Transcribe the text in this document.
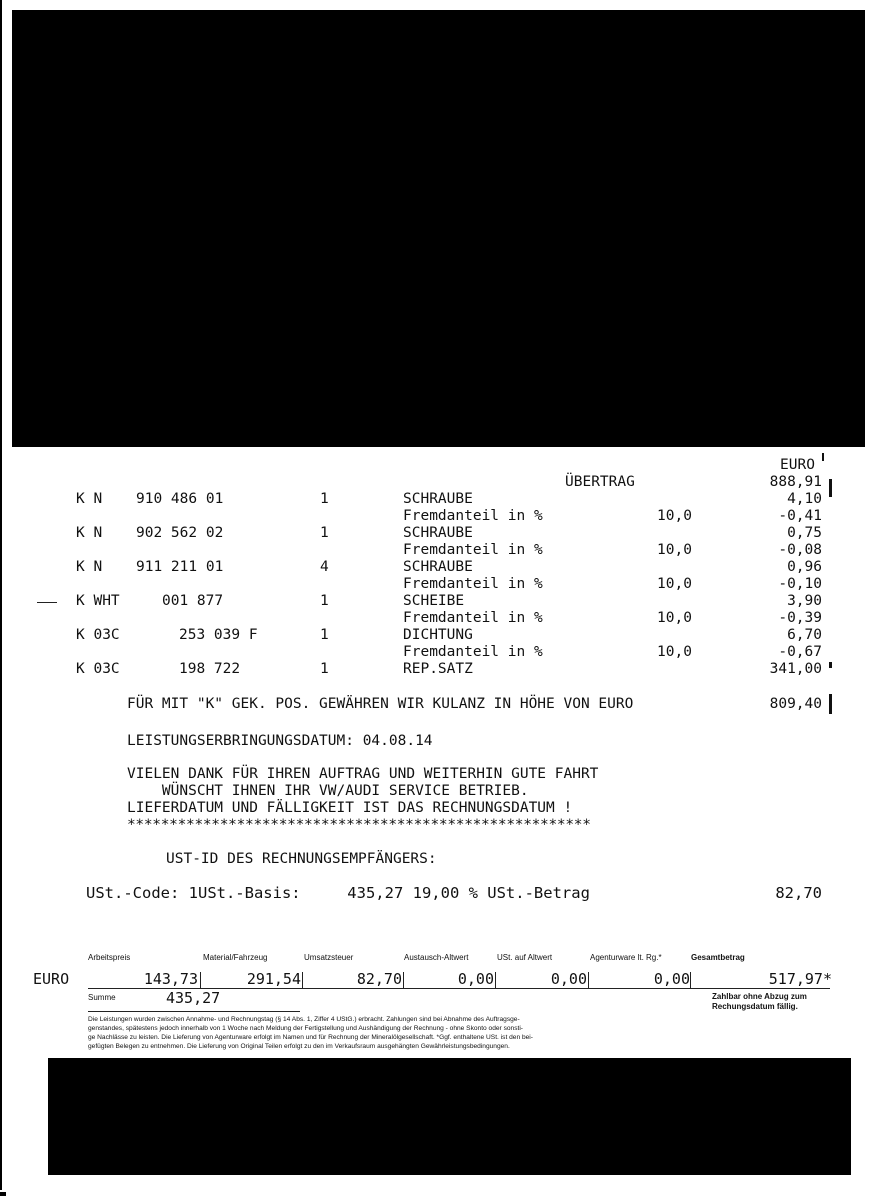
EURO
ÜBERTRAG	888,91
K N 910 486 01	1	SCHRAUBE	4,10
Fremdanteil in %	10,0	-0,41
K N 902 562 02	1	SCHRAUBE	0,75
Fremdanteil in %	10,0	-0,08
K N 911 211 01	4	SCHRAUBE	0,96
Fremdanteil in %	10,0	-0,10
K WHT	001 877	1	SCHEIBE	3,90
Fremdanteil in %	10,0	-0,39
K 03C	253 039 F	1	DICHTUNG	6,70
Fremdanteil in %	10,0	-0,67
K 03C	198 722	1	REP.SATZ	341,00
FÜR MIT "K" GEK. POS. GEWÄHREN WIR KULANZ IN HÖHE VON EURO	809,40
LEISTUNGSERBRINGUNGSDATUM: 04.08.14
VIELEN DANK FÜR IHREN AUFTRAG UND WEITERHIN GUTE FAHRT
WÜNSCHT IHNEN IHR VW/AUDI SERVICE BETRIEB.
LIEFERDATUM UND FÄLLIGKEIT IST DAS RECHNUNGSDATUM !
*******************************************************
UST-ID DES RECHNUNGSEMPFÄNGERS:
USt.-Code: 1USt.-Basis:     435,27 19,00 % USt.-Betrag	82,70
Arbeitspreis	Material/Fahrzeug	Umsatzsteuer	Austausch-Altwert	USt. auf Altwert	Agenturware lt. Rg.*	Gesamtbetrag
EURO	143,73	291,54	82,70	0,00	0,00	0,00	517,97*
Summe	435,27	Zahlbar ohne Abzug zum
Rechungsdatum fällig.
Die Leistungen wurden zwischen Annahme- und Rechnungstag (§ 14 Abs. 1, Ziffer 4 UStG.) erbracht. Zahlungen sind bei Abnahme des Auftragsge-
genstandes, spätestens jedoch innerhalb von 1 Woche nach Meldung der Fertigstellung und Aushändigung der Rechnung - ohne Skonto oder sonsti-
ge Nachlässe zu leisten. Die Lieferung von Agenturware erfolgt im Namen und für Rechnung der Mineralölgesellschaft. *Ggf. enthaltene USt. ist den bei-
gefügten Belegen zu entnehmen. Die Lieferung von Original Teilen erfolgt zu den im Verkaufsraum ausgehängten Gewährleistungsbedingungen.
